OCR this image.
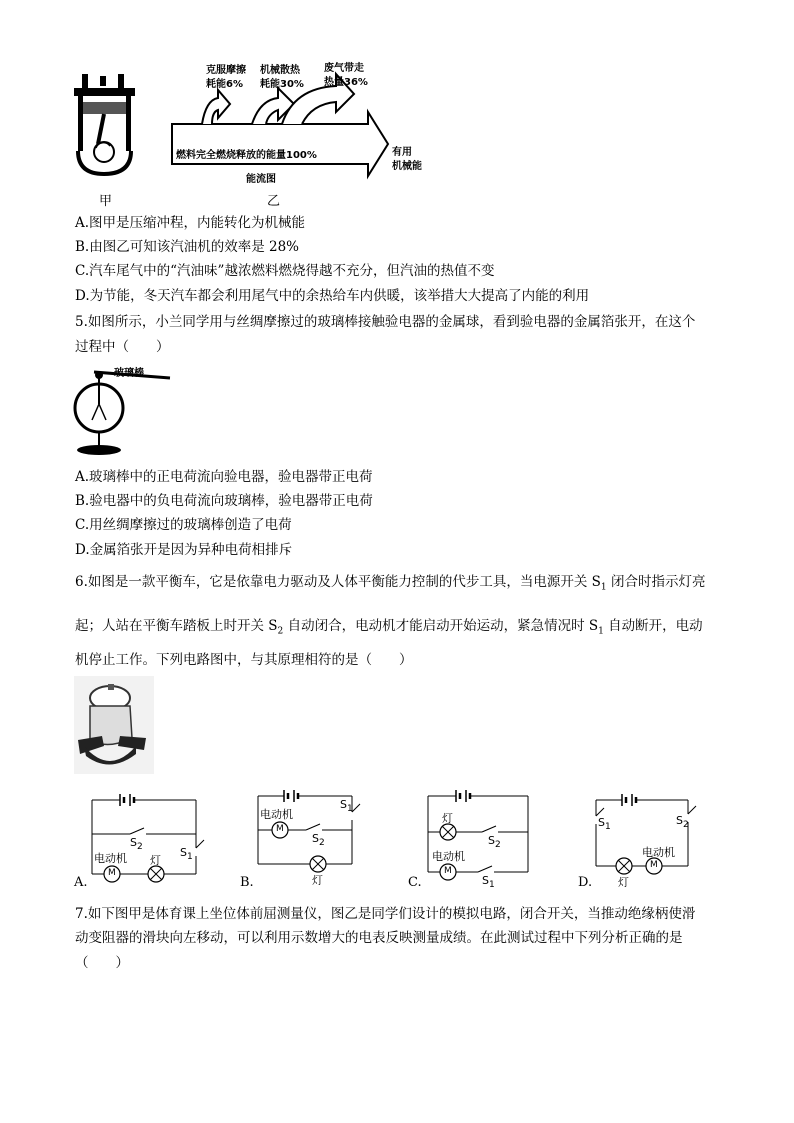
甲
克服摩擦
耗能6%
机械散热
耗能30%
废气带走
热量36%
燃料完全燃烧释放的能量100%	有用
机械能
能流图
乙
A.图甲是压缩冲程，内能转化为机械能
B.由图乙可知该汽油机的效率是 28%
C.汽车尾气中的“汽油味”越浓燃料燃烧得越不充分，但汽油的热值不变
D.为节能，冬天汽车都会利用尾气中的余热给车内供暖，该举措大大提高了内能的利用
5.如图所示，小兰同学用与丝绸摩擦过的玻璃棒接触验电器的金属球，看到验电器的金属箔张开，在这个
过程中（　　）
玻璃棒
A.玻璃棒中的正电荷流向验电器，验电器带正电荷
B.验电器中的负电荷流向玻璃棒，验电器带正电荷
C.用丝绸摩擦过的玻璃棒创造了电荷
D.金属箔张开是因为异种电荷相排斥
6.如图是一款平衡车，它是依靠电力驱动及人体平衡能力控制的代步工具，当电源开关 $S_1$ 闭合时指示灯亮
起；人站在平衡车踏板上时开关 $S_2$ 自动闭合，电动机才能启动开始运动，紧急情况时 $S_1$ 自动断开，电动
机停止工作。下列电路图中，与其原理相符的是（　　）
M
电动机 灯
$S_2$	$S_1$
A.
M
电动机
灯
$S_2$
$S_1$
B.
M
灯
电动机
$S_2$
$S_1$
C.
M
电动机
灯
$S_1$
$S_2$
D.
7.如下图甲是体育课上坐位体前屈测量仪，图乙是同学们设计的模拟电路，闭合开关，当推动绝缘柄使滑
动变阻器的滑块向左移动，可以利用示数增大的电表反映测量成绩。在此测试过程中下列分析正确的是
（　　）
